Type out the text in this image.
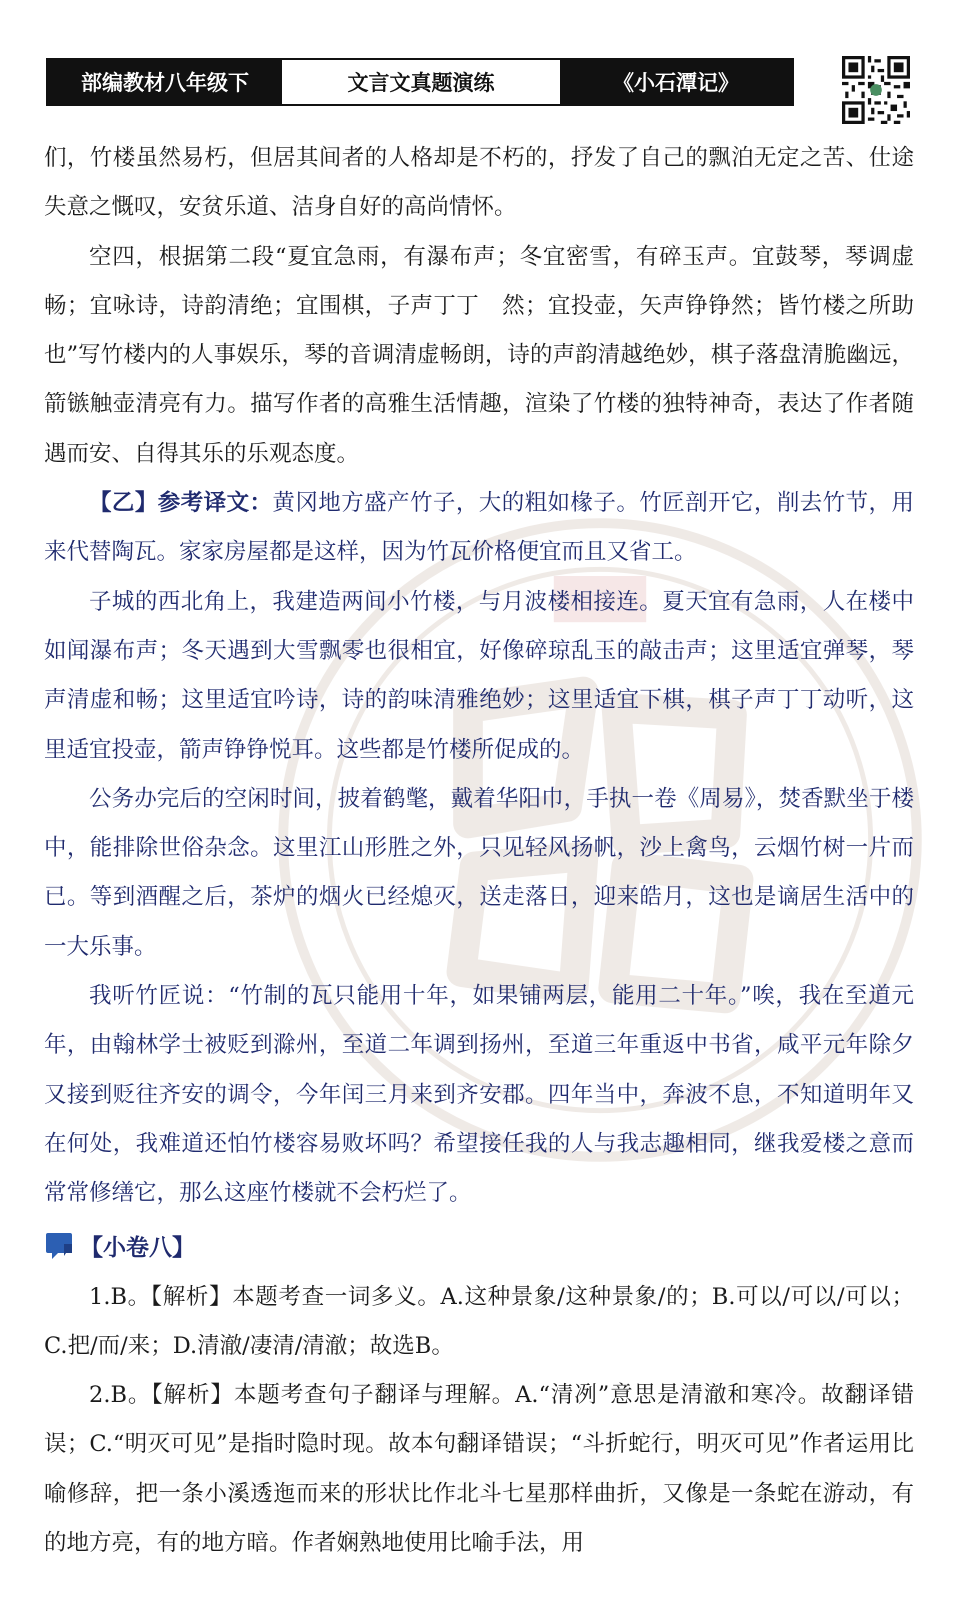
部编教材八年级下	文言文真题演练	《小石潭记》

们，竹楼虽然易朽，但居其间者的人格却是不朽的，抒发了自己的飘泊无定之苦、仕途失意之慨叹，安贫乐道、洁身自好的高尚情怀。

空四，根据第二段“夏宜急雨，有瀑布声；冬宜密雪，有碎玉声。宜鼓琴，琴调虚畅；宜咏诗，诗韵清绝；宜围棋，子声丁丁　然；宜投壶，矢声铮铮然；皆竹楼之所助也”写竹楼内的人事娱乐，琴的音调清虚畅朗，诗的声韵清越绝妙，棋子落盘清脆幽远，箭镞触壶清亮有力。描写作者的高雅生活情趣，渲染了竹楼的独特神奇，表达了作者随遇而安、自得其乐的乐观态度。

【乙】参考译文：黄冈地方盛产竹子，大的粗如椽子。竹匠剖开它，削去竹节，用来代替陶瓦。家家房屋都是这样，因为竹瓦价格便宜而且又省工。

子城的西北角上，我建造两间小竹楼，与月波楼相接连。夏天宜有急雨，人在楼中如闻瀑布声；冬天遇到大雪飘零也很相宜，好像碎琼乱玉的敲击声；这里适宜弹琴，琴声清虚和畅；这里适宜吟诗，诗的韵味清雅绝妙；这里适宜下棋，棋子声丁丁动听，这里适宜投壶，箭声铮铮悦耳。这些都是竹楼所促成的。

公务办完后的空闲时间，披着鹤氅，戴着华阳巾，手执一卷《周易》，焚香默坐于楼中，能排除世俗杂念。这里江山形胜之外，只见轻风扬帆，沙上禽鸟，云烟竹树一片而已。等到酒醒之后，茶炉的烟火已经熄灭，送走落日，迎来皓月，这也是谪居生活中的一大乐事。

我听竹匠说：“竹制的瓦只能用十年，如果铺两层，能用二十年。”唉，我在至道元年，由翰林学士被贬到滁州，至道二年调到扬州，至道三年重返中书省，咸平元年除夕又接到贬往齐安的调令，今年闰三月来到齐安郡。四年当中，奔波不息，不知道明年又在何处，我难道还怕竹楼容易败坏吗？希望接任我的人与我志趣相同，继我爱楼之意而常常修缮它，那么这座竹楼就不会朽烂了。

【小卷八】

1.B。【解析】本题考查一词多义。A.这种景象/这种景象/的；B.可以/可以/可以；C.把/而/来；D.清澈/凄清/清澈；故选B。

2.B。【解析】本题考查句子翻译与理解。A.“清冽”意思是清澈和寒冷。故翻译错误；C.“明灭可见”是指时隐时现。故本句翻译错误；“斗折蛇行，明灭可见”作者运用比喻修辞，把一条小溪透迤而来的形状比作北斗七星那样曲折，又像是一条蛇在游动，有的地方亮，有的地方暗。作者娴熟地使用比喻手法，用
